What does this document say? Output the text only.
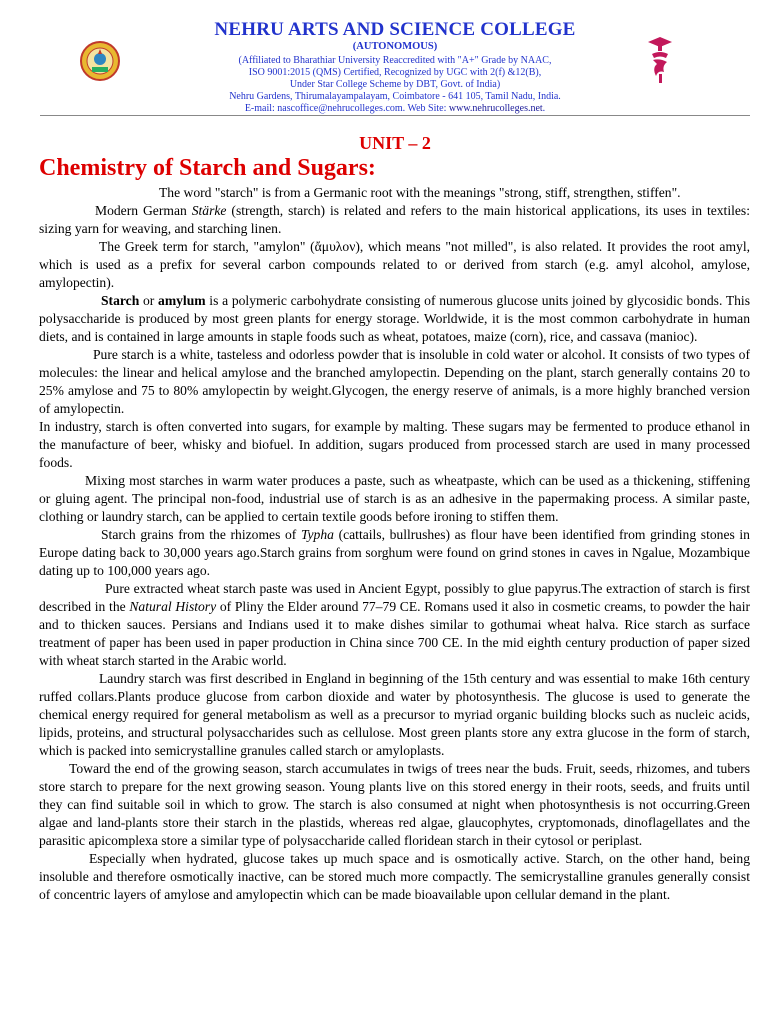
NEHRU ARTS AND SCIENCE COLLEGE
(AUTONOMOUS)
(Affiliated to Bharathiar University Reaccredited with "A+" Grade by NAAC,
ISO 9001:2015 (QMS) Certified, Recognized by UGC with 2(f) &12(B),
Under Star College Scheme by DBT, Govt. of India)
Nehru Gardens, Thirumalayampalayam, Coimbatore - 641 105, Tamil Nadu, India.
E-mail: nascoffice@nehrucolleges.com. Web Site: www.nehrucolleges.net.
UNIT – 2
Chemistry of Starch and Sugars:

The word "starch" is from a Germanic root with the meanings "strong, stiff, strengthen, stiffen".

Modern German Stärke (strength, starch) is related and refers to the main historical applications, its uses in textiles: sizing yarn for weaving, and starching linen.

The Greek term for starch, "amylon" (ἄμυλον), which means "not milled", is also related. It provides the root amyl, which is used as a prefix for several carbon compounds related to or derived from starch (e.g. amyl alcohol, amylose, amylopectin).

Starch or amylum is a polymeric carbohydrate consisting of numerous glucose units joined by glycosidic bonds. This polysaccharide is produced by most green plants for energy storage. Worldwide, it is the most common carbohydrate in human diets, and is contained in large amounts in staple foods such as wheat, potatoes, maize (corn), rice, and cassava (manioc).

Pure starch is a white, tasteless and odorless powder that is insoluble in cold water or alcohol. It consists of two types of molecules: the linear and helical amylose and the branched amylopectin. Depending on the plant, starch generally contains 20 to 25% amylose and 75 to 80% amylopectin by weight.Glycogen, the energy reserve of animals, is a more highly branched version of amylopectin.

In industry, starch is often converted into sugars, for example by malting. These sugars may be fermented to produce ethanol in the manufacture of beer, whisky and biofuel. In addition, sugars produced from processed starch are used in many processed foods.

Mixing most starches in warm water produces a paste, such as wheatpaste, which can be used as a thickening, stiffening or gluing agent. The principal non-food, industrial use of starch is as an adhesive in the papermaking process. A similar paste, clothing or laundry starch, can be applied to certain textile goods before ironing to stiffen them.

Starch grains from the rhizomes of Typha (cattails, bullrushes) as flour have been identified from grinding stones in Europe dating back to 30,000 years ago.Starch grains from sorghum were found on grind stones in caves in Ngalue, Mozambique dating up to 100,000 years ago.

Pure extracted wheat starch paste was used in Ancient Egypt, possibly to glue papyrus.The extraction of starch is first described in the Natural History of Pliny the Elder around 77–79 CE. Romans used it also in cosmetic creams, to powder the hair and to thicken sauces. Persians and Indians used it to make dishes similar to gothumai wheat halva. Rice starch as surface treatment of paper has been used in paper production in China since 700 CE. In the mid eighth century production of paper sized with wheat starch started in the Arabic world.

Laundry starch was first described in England in beginning of the 15th century and was essential to make 16th century ruffed collars.Plants produce glucose from carbon dioxide and water by photosynthesis. The glucose is used to generate the chemical energy required for general metabolism as well as a precursor to myriad organic building blocks such as nucleic acids, lipids, proteins, and structural polysaccharides such as cellulose. Most green plants store any extra glucose in the form of starch, which is packed into semicrystalline granules called starch or amyloplasts.

Toward the end of the growing season, starch accumulates in twigs of trees near the buds. Fruit, seeds, rhizomes, and tubers store starch to prepare for the next growing season. Young plants live on this stored energy in their roots, seeds, and fruits until they can find suitable soil in which to grow. The starch is also consumed at night when photosynthesis is not occurring.Green algae and land-plants store their starch in the plastids, whereas red algae, glaucophytes, cryptomonads, dinoflagellates and the parasitic apicomplexa store a similar type of polysaccharide called floridean starch in their cytosol or periplast.

Especially when hydrated, glucose takes up much space and is osmotically active. Starch, on the other hand, being insoluble and therefore osmotically inactive, can be stored much more compactly. The semicrystalline granules generally consist of concentric layers of amylose and amylopectin which can be made bioavailable upon cellular demand in the plant.
